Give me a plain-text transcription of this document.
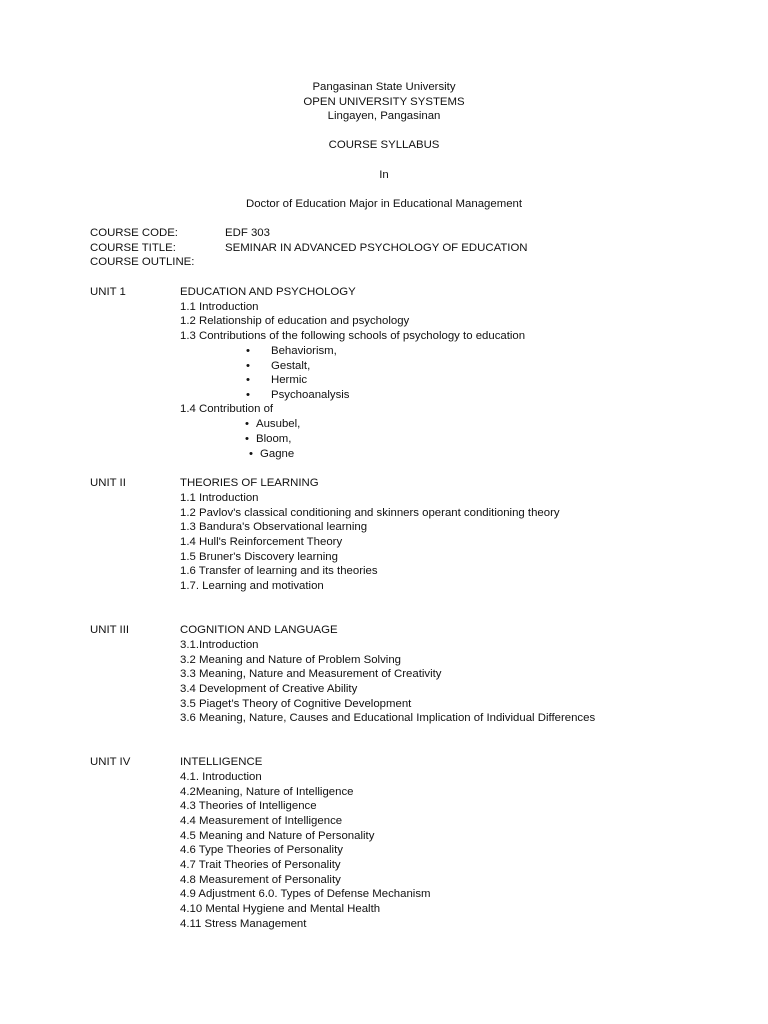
Pangasinan State University
OPEN UNIVERSITY SYSTEMS
Lingayen, Pangasinan
COURSE SYLLABUS
In
Doctor of Education Major in Educational Management
COURSE CODE:	EDF 303
COURSE TITLE:	SEMINAR IN ADVANCED PSYCHOLOGY OF EDUCATION
COURSE OUTLINE:
UNIT 1	EDUCATION AND PSYCHOLOGY
1.1 Introduction
1.2 Relationship of education and psychology
1.3 Contributions of the following schools of psychology to education
• Behaviorism,
• Gestalt,
• Hermic
• Psychoanalysis
1.4 Contribution of
• Ausubel,
• Bloom,
• Gagne
UNIT II	THEORIES OF LEARNING
1.1 Introduction
1.2 Pavlov's classical conditioning and skinners operant conditioning theory
1.3 Bandura's Observational learning
1.4 Hull's Reinforcement Theory
1.5 Bruner's Discovery learning
1.6 Transfer of learning and its theories
1.7. Learning and motivation
UNIT III	COGNITION AND LANGUAGE
3.1.Introduction
3.2 Meaning and Nature of Problem Solving
3.3 Meaning, Nature and Measurement of Creativity
3.4 Development of Creative Ability
3.5 Piaget’s Theory of Cognitive Development
3.6 Meaning, Nature, Causes and Educational Implication of Individual Differences
UNIT IV	INTELLIGENCE
4.1. Introduction
4.2Meaning, Nature of Intelligence
4.3 Theories of Intelligence
4.4 Measurement of Intelligence
4.5 Meaning and Nature of Personality
4.6 Type Theories of Personality
4.7 Trait Theories of Personality
4.8 Measurement of Personality
4.9 Adjustment 6.0. Types of Defense Mechanism
4.10 Mental Hygiene and Mental Health
4.11 Stress Management
